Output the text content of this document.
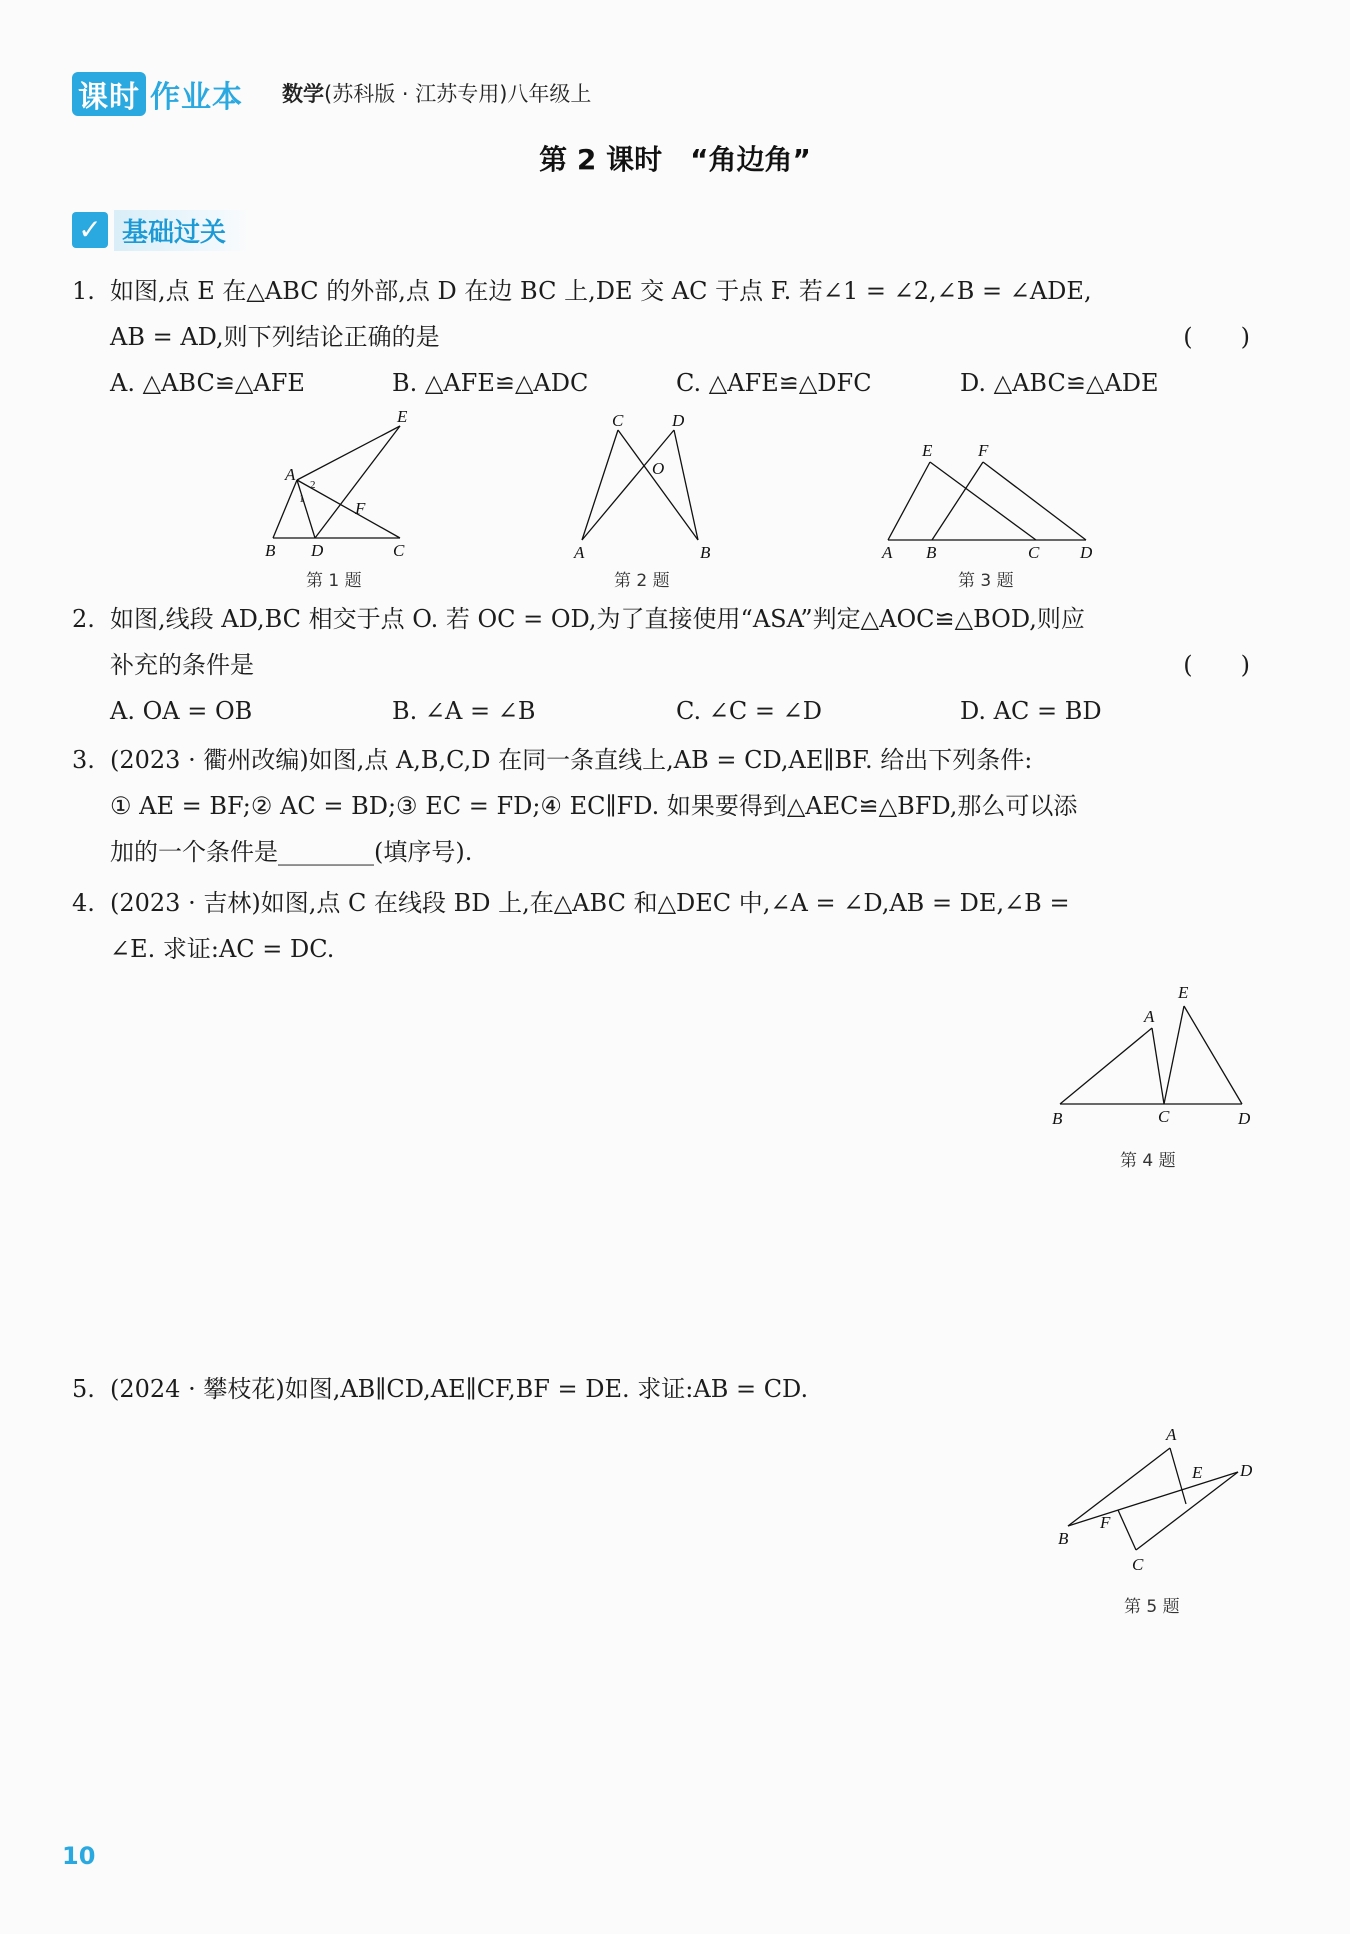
课时 作业本 数学(苏科版 · 江苏专用)八年级上
第 2 课时　“角边角”
✓ 基础过关
1. 如图,点 E 在△ABC 的外部,点 D 在边 BC 上,DE 交 AC 于点 F. 若∠1 = ∠2,∠B = ∠ADE,
AB = AD,则下列结论正确的是	(　　)
A. △ABC≌△AFE	B. △AFE≌△ADC	C. △AFE≌△DFC	D. △ABC≌△ADE
E
A
2
1	F
B D	C
第 1 题
C	D
O
A	B
第 2 题
E	F
A B	C D
第 3 题
2. 如图,线段 AD,BC 相交于点 O. 若 OC = OD,为了直接使用“ASA”判定△AOC≌△BOD,则应
补充的条件是	(　　)
A. OA = OB	B. ∠A = ∠B	C. ∠C = ∠D	D. AC = BD
3. (2023 · 衢州改编)如图,点 A,B,C,D 在同一条直线上,AB = CD,AE∥BF. 给出下列条件:
① AE = BF;② AC = BD;③ EC = FD;④ EC∥FD. 如果要得到△AEC≌△BFD,那么可以添
加的一个条件是________(填序号).
4. (2023 · 吉林)如图,点 C 在线段 BD 上,在△ABC 和△DEC 中,∠A = ∠D,AB = DE,∠B =
∠E. 求证:AC = DC.
E
A
B	C	D
第 4 题
5. (2024 · 攀枝花)如图,AB∥CD,AE∥CF,BF = DE. 求证:AB = CD.
A
E D
B
F
C
第 5 题
10
